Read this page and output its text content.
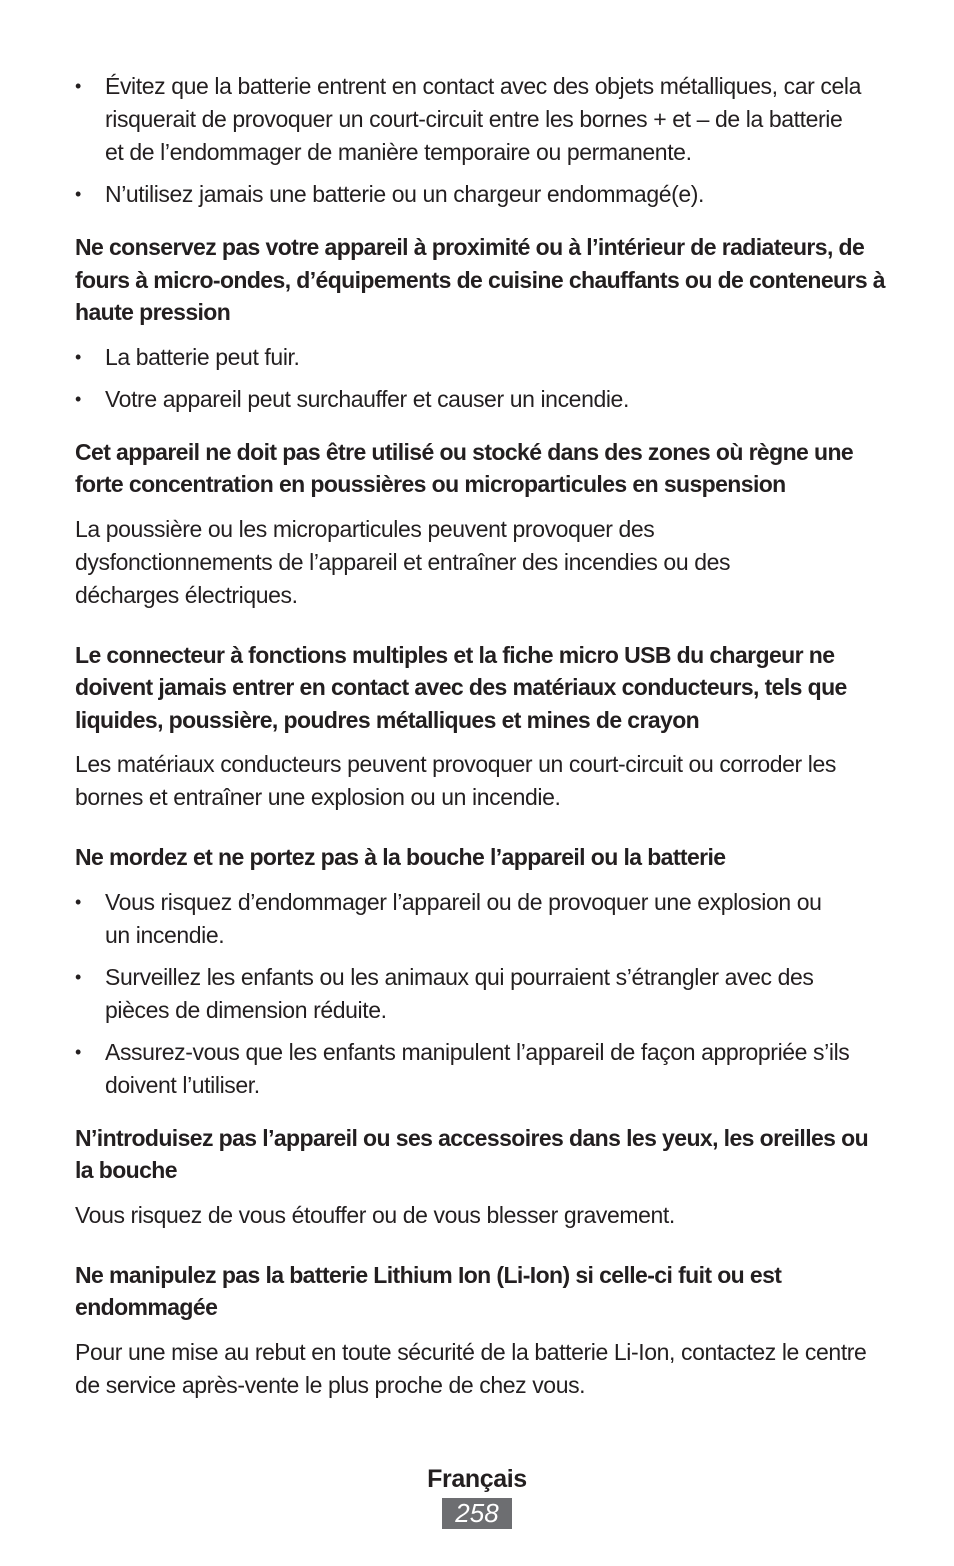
• Évitez que la batterie entrent en contact avec des objets métalliques, car cela risquerait de provoquer un court-circuit entre les bornes + et – de la batterie et de l’endommager de manière temporaire ou permanente.
• N’utilisez jamais une batterie ou un chargeur endommagé(e).
Ne conservez pas votre appareil à proximité ou à l’intérieur de radiateurs, de fours à micro-ondes, d’équipements de cuisine chauffants ou de conteneurs à haute pression
• La batterie peut fuir.
• Votre appareil peut surchauffer et causer un incendie.
Cet appareil ne doit pas être utilisé ou stocké dans des zones où règne une forte concentration en poussières ou microparticules en suspension

La poussière ou les microparticules peuvent provoquer des dysfonctionnements de l’appareil et entraîner des incendies ou des décharges électriques.

Le connecteur à fonctions multiples et la fiche micro USB du chargeur ne doivent jamais entrer en contact avec des matériaux conducteurs, tels que liquides, poussière, poudres métalliques et mines de crayon

Les matériaux conducteurs peuvent provoquer un court-circuit ou corroder les bornes et entraîner une explosion ou un incendie.

Ne mordez et ne portez pas à la bouche l’appareil ou la batterie
• Vous risquez d’endommager l’appareil ou de provoquer une explosion ou un incendie.
• Surveillez les enfants ou les animaux qui pourraient s’étrangler avec des pièces de dimension réduite.
• Assurez-vous que les enfants manipulent l’appareil de façon appropriée s’ils doivent l’utiliser.
N’introduisez pas l’appareil ou ses accessoires dans les yeux, les oreilles ou la bouche

Vous risquez de vous étouffer ou de vous blesser gravement.

Ne manipulez pas la batterie Lithium Ion (Li-Ion) si celle-ci fuit ou est endommagée

Pour une mise au rebut en toute sécurité de la batterie Li-Ion, contactez le centre de service après-vente le plus proche de chez vous.

Français
258
